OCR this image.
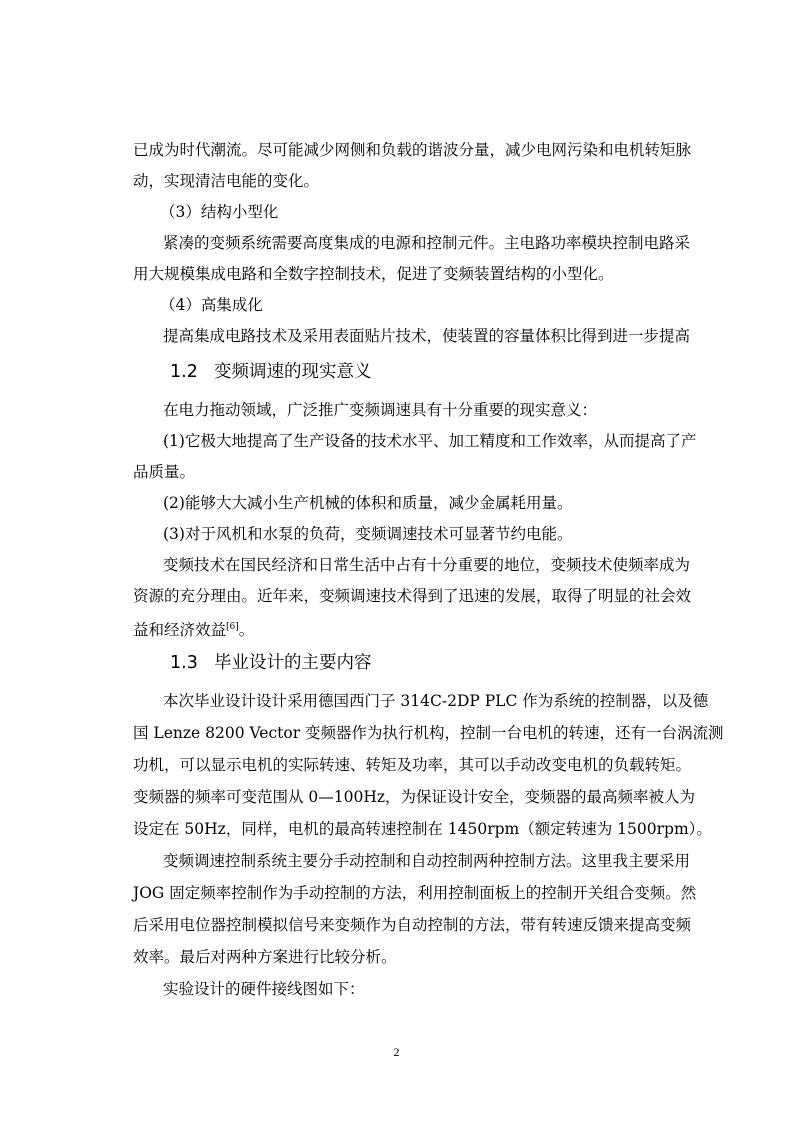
已成为时代潮流。尽可能减少网侧和负载的谐波分量，减少电网污染和电机转矩脉
动，实现清洁电能的变化。
（3）结构小型化
紧凑的变频系统需要高度集成的电源和控制元件。主电路功率模块控制电路采
用大规模集成电路和全数字控制技术，促进了变频装置结构的小型化。
（4）高集成化
提高集成电路技术及采用表面贴片技术，使装置的容量体积比得到进一步提高
1.2 变频调速的现实意义
在电力拖动领域，广泛推广变频调速具有十分重要的现实意义：
(1)它极大地提高了生产设备的技术水平、加工精度和工作效率，从而提高了产
品质量。
(2)能够大大减小生产机械的体积和质量，减少金属耗用量。
(3)对于风机和水泵的负荷，变频调速技术可显著节约电能。
变频技术在国民经济和日常生活中占有十分重要的地位，变频技术使频率成为
资源的充分理由。近年来，变频调速技术得到了迅速的发展，取得了明显的社会效
益和经济效益[6]。
1.3 毕业设计的主要内容
本次毕业设计设计采用德国西门子 314C-2DP PLC 作为系统的控制器，以及德
国 Lenze 8200 Vector 变频器作为执行机构，控制一台电机的转速，还有一台涡流测
功机，可以显示电机的实际转速、转矩及功率，其可以手动改变电机的负载转矩。
变频器的频率可变范围从 0—100Hz，为保证设计安全，变频器的最高频率被人为
设定在 50Hz，同样，电机的最高转速控制在 1450rpm（额定转速为 1500rpm）。
变频调速控制系统主要分手动控制和自动控制两种控制方法。这里我主要采用
JOG 固定频率控制作为手动控制的方法，利用控制面板上的控制开关组合变频。然
后采用电位器控制模拟信号来变频作为自动控制的方法，带有转速反馈来提高变频
效率。最后对两种方案进行比较分析。
实验设计的硬件接线图如下：
2
